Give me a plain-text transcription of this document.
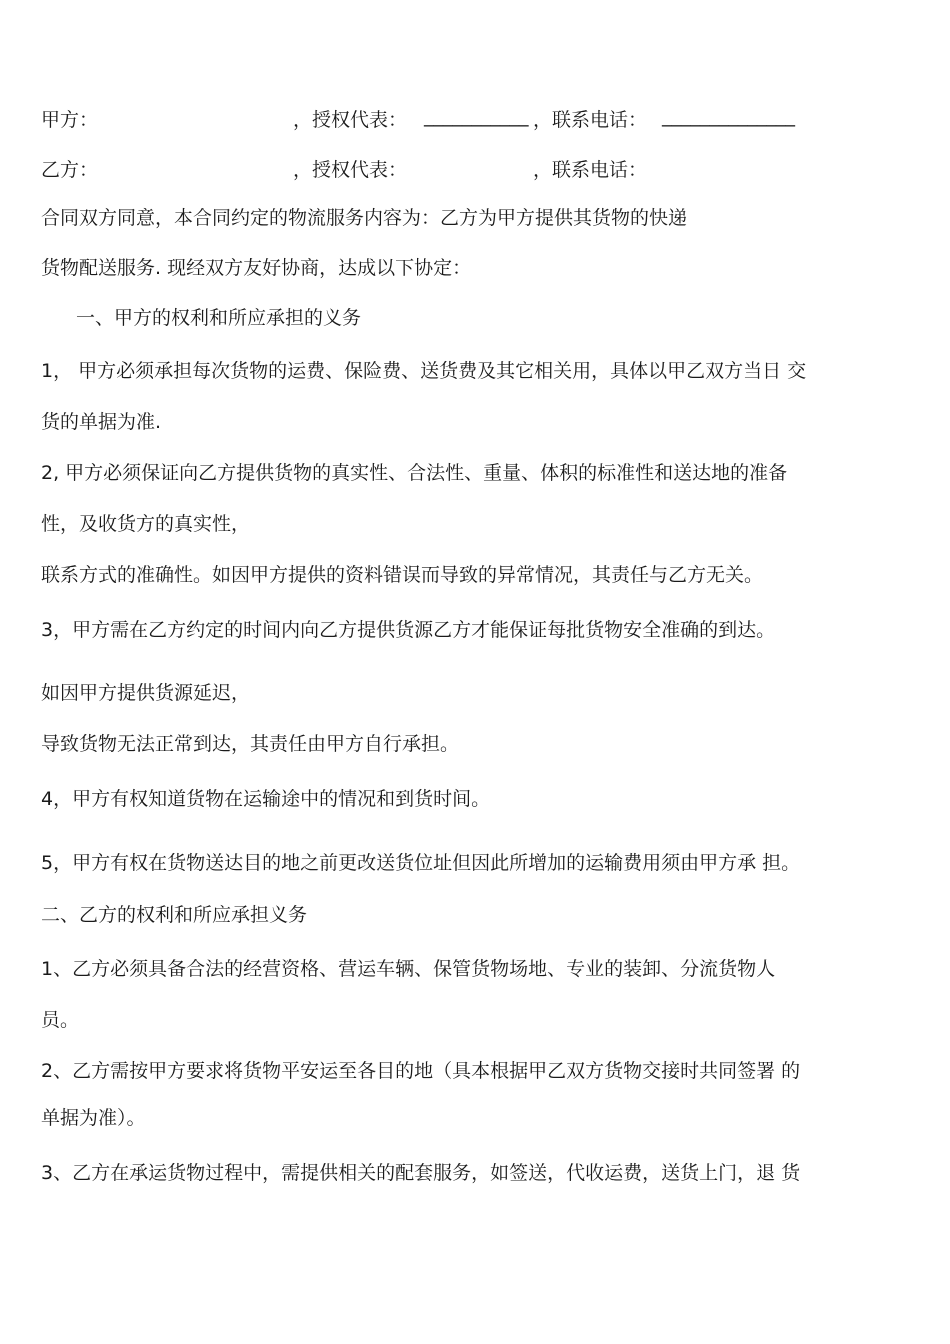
甲方：	，授权代表： ___________ ，联系电话： ______________
乙方：	，授权代表：	，联系电话：
合同双方同意，本合同约定的物流服务内容为：乙方为甲方提供其货物的快递
货物配送服务. 现经双方友好协商，达成以下协定：
一、甲方的权利和所应承担的义务
1， 甲方必须承担每次货物的运费、保险费、送货费及其它相关用，具体以甲乙双方当日 交
货的单据为准.
2, 甲方必须保证向乙方提供货物的真实性、合法性、重量、体积的标准性和送达地的准备
性，及收货方的真实性，
联系方式的准确性。如因甲方提供的资料错误而导致的异常情况，其责任与乙方无关。
3，甲方需在乙方约定的时间内向乙方提供货源乙方才能保证每批货物安全准确的到达。
如因甲方提供货源延迟，
导致货物无法正常到达，其责任由甲方自行承担。
4，甲方有权知道货物在运输途中的情况和到货时间。
5，甲方有权在货物送达目的地之前更改送货位址但因此所增加的运输费用须由甲方承 担。
二、乙方的权利和所应承担义务
1、乙方必须具备合法的经营资格、营运车辆、保管货物场地、专业的装卸、分流货物人
员。
2、乙方需按甲方要求将货物平安运至各目的地（具本根据甲乙双方货物交接时共同签署 的
单据为准）。
3、乙方在承运货物过程中，需提供相关的配套服务，如签送，代收运费，送货上门，退 货
